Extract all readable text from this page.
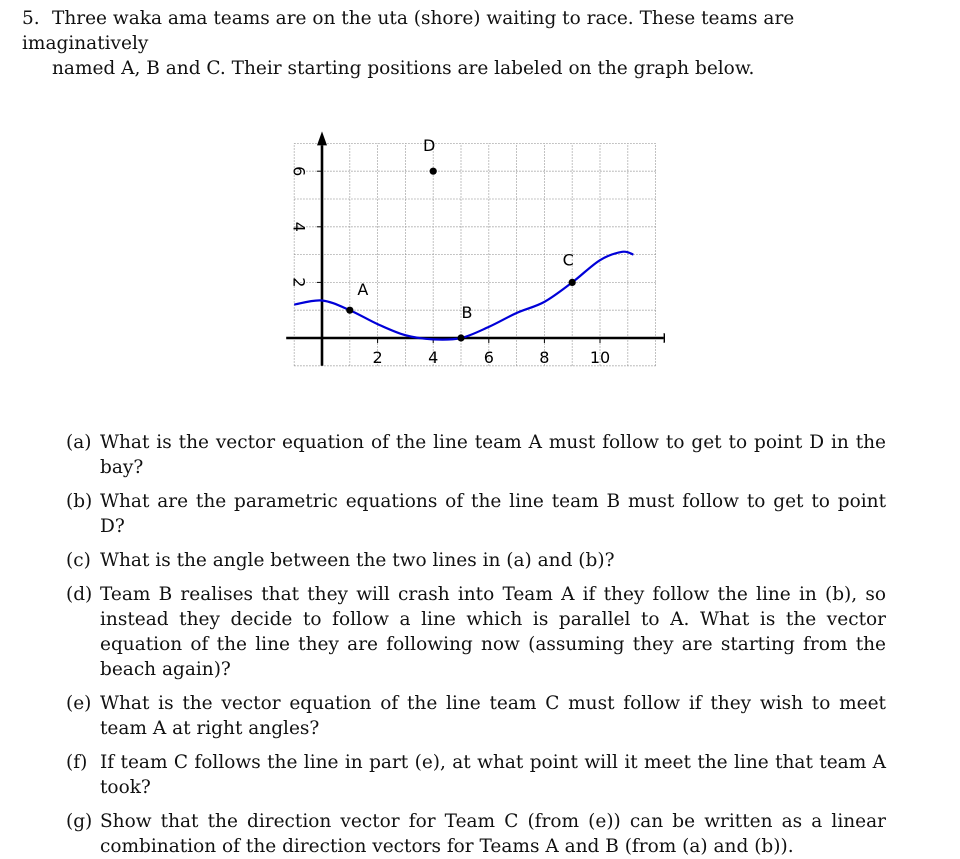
5. Three waka ama teams are on the uta (shore) waiting to race. These teams are imaginatively
named A, B and C. Their starting positions are labeled on the graph below.
2	4	6	8	10
2
4
6
A
B
C
D
(a) What is the vector equation of the line team A must follow to get to point D in the bay?
(b) What are the parametric equations of the line team B must follow to get to point D?
(c) What is the angle between the two lines in (a) and (b)?
(d) Team B realises that they will crash into Team A if they follow the line in (b), so instead they decide to follow a line which is parallel to A. What is the vector equation of the line they are following now (assuming they are starting from the beach again)?
(e) What is the vector equation of the line team C must follow if they wish to meet team A at right angles?
(f) If team C follows the line in part (e), at what point will it meet the line that team A took?
(g) Show that the direction vector for Team C (from (e)) can be written as a linear combination of the direction vectors for Teams A and B (from (a) and (b)).
